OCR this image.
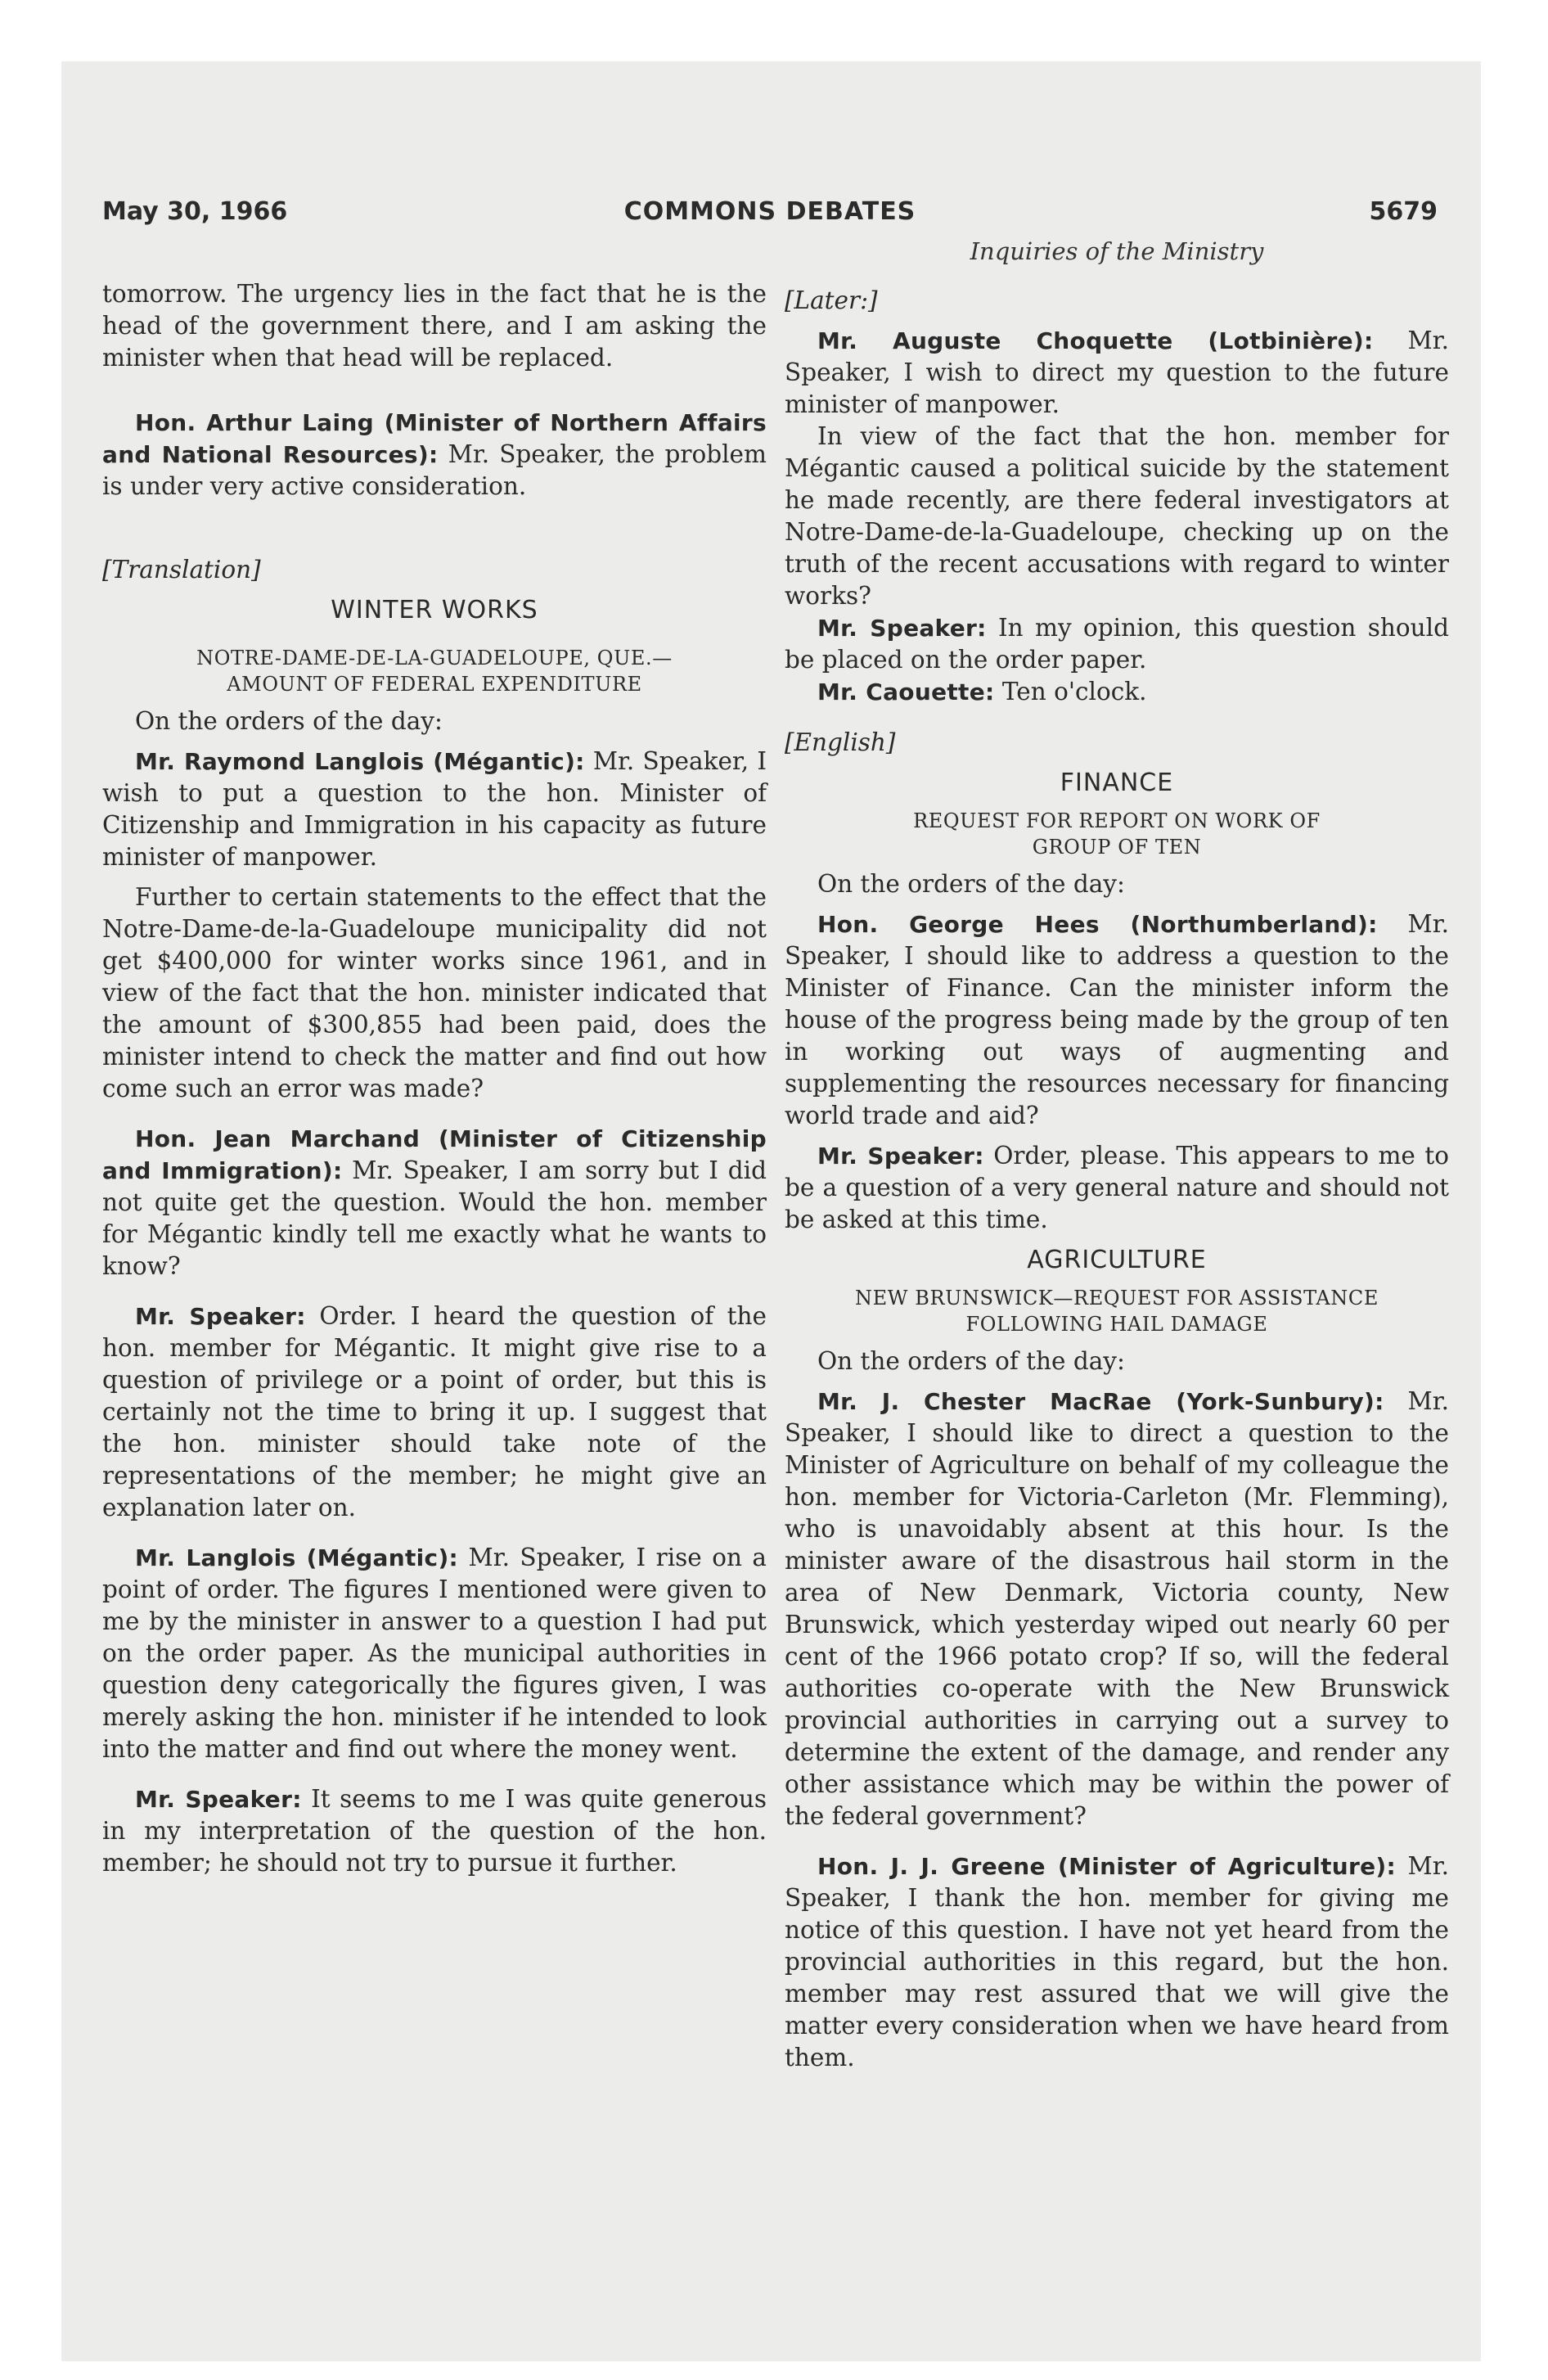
May 30, 1966	COMMONS DEBATES	5679
Inquiries of the Ministry

tomorrow. The urgency lies in the fact that he is the head of the government there, and I am asking the minister when that head will be replaced.

Hon. Arthur Laing (Minister of Northern Affairs and National Resources): Mr. Speaker, the problem is under very active consideration.

[Translation]

WINTER WORKS

NOTRE-DAME-DE-LA-GUADELOUPE, QUE.—

AMOUNT OF FEDERAL EXPENDITURE

On the orders of the day:

Mr. Raymond Langlois (Mégantic): Mr. Speaker, I wish to put a question to the hon. Minister of Citizenship and Immigration in his capacity as future minister of manpower.

Further to certain statements to the effect that the Notre-Dame-de-la-Guadeloupe municipality did not get $400,000 for winter works since 1961, and in view of the fact that the hon. minister indicated that the amount of $300,855 had been paid, does the minister intend to check the matter and find out how come such an error was made?

Hon. Jean Marchand (Minister of Citizenship and Immigration): Mr. Speaker, I am sorry but I did not quite get the question. Would the hon. member for Mégantic kindly tell me exactly what he wants to know?

Mr. Speaker: Order. I heard the question of the hon. member for Mégantic. It might give rise to a question of privilege or a point of order, but this is certainly not the time to bring it up. I suggest that the hon. minister should take note of the representations of the member; he might give an explanation later on.

Mr. Langlois (Mégantic): Mr. Speaker, I rise on a point of order. The figures I mentioned were given to me by the minister in answer to a question I had put on the order paper. As the municipal authorities in question deny categorically the figures given, I was merely asking the hon. minister if he intended to look into the matter and find out where the money went.

Mr. Speaker: It seems to me I was quite generous in my interpretation of the question of the hon. member; he should not try to pursue it further.

[Later:]

Mr. Auguste Choquette (Lotbinière): Mr. Speaker, I wish to direct my question to the future minister of manpower.

In view of the fact that the hon. member for Mégantic caused a political suicide by the statement he made recently, are there federal investigators at Notre-Dame-de-la-Guadeloupe, checking up on the truth of the recent accusations with regard to winter works?

Mr. Speaker: In my opinion, this question should be placed on the order paper.

Mr. Caouette: Ten o'clock.

[English]

FINANCE

REQUEST FOR REPORT ON WORK OF

GROUP OF TEN

On the orders of the day:

Hon. George Hees (Northumberland): Mr. Speaker, I should like to address a question to the Minister of Finance. Can the minister inform the house of the progress being made by the group of ten in working out ways of augmenting and supplementing the resources necessary for financing world trade and aid?

Mr. Speaker: Order, please. This appears to me to be a question of a very general nature and should not be asked at this time.

AGRICULTURE

NEW BRUNSWICK—REQUEST FOR ASSISTANCE

FOLLOWING HAIL DAMAGE

On the orders of the day:

Mr. J. Chester MacRae (York-Sunbury): Mr. Speaker, I should like to direct a question to the Minister of Agriculture on behalf of my colleague the hon. member for Victoria-Carleton (Mr. Flemming), who is unavoidably absent at this hour. Is the minister aware of the disastrous hail storm in the area of New Denmark, Victoria county, New Brunswick, which yesterday wiped out nearly 60 per cent of the 1966 potato crop? If so, will the federal authorities co-operate with the New Brunswick provincial authorities in carrying out a survey to determine the extent of the damage, and render any other assistance which may be within the power of the federal government?

Hon. J. J. Greene (Minister of Agriculture): Mr. Speaker, I thank the hon. member for giving me notice of this question. I have not yet heard from the provincial authorities in this regard, but the hon. member may rest assured that we will give the matter every consideration when we have heard from them.
